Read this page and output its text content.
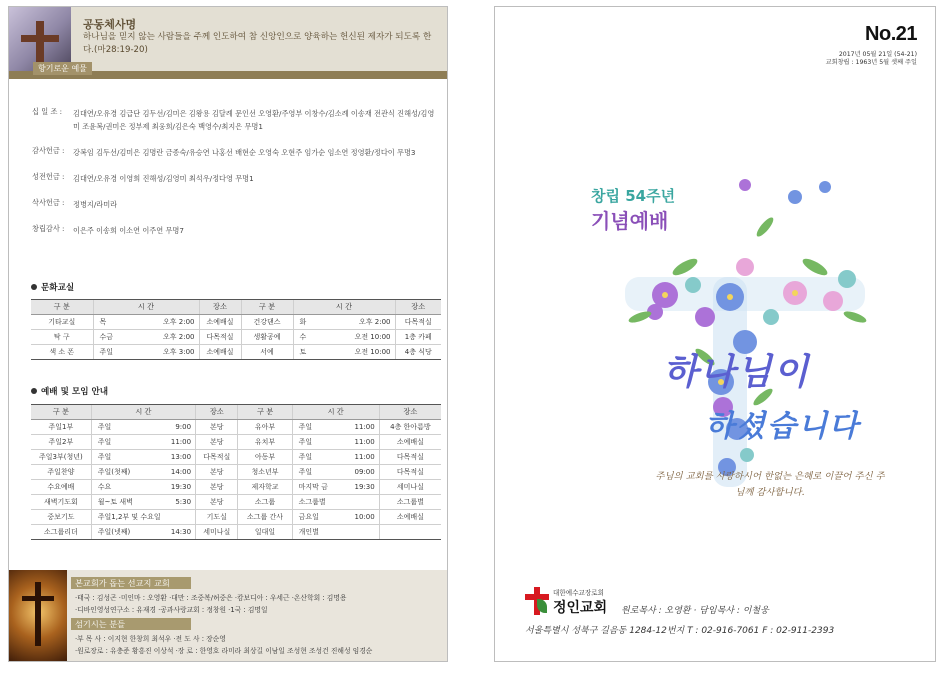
공동체사명
하나님을 믿지 않는 사람들을 주께 인도하여 참 신앙인으로 양육하는 헌신된 제자가 되도록 한다.(마28:19-20)
향기로운 예물
십 일 조 :	김대연/오유경 김급단 김두선/김미은 김왕용 김달례 문인선 오영환/주영부 이창수/김소례 이송재 전관식 진해성/김영미 조윤복/권미은 정부제 최웅희/김은숙 백영수/최지은 무명1
감사헌금 :	강복임 김두선/김미은 김명란 금종숙/유승연 나홍선 배현순 오영숙 오현주 임가순 임소연 정영환/정다이 무명3
성전헌금 :	김대연/오유경 이영희 진해성/김영미 최석우/정다영 무명1
삭사헌금 :	정병지/라미라
창립감사 :	이은주 이송희 이소연 이주연 무명7
문화교실
구 분	시 간		장소	구 분	시 간		장소
기타교실	목	오후 2:00	소예배실	건강댄스	화	오후 2:00	다목적실
탁 구	수금	오후 2:00	다목적실	생활공예	수	오전 10:00	1층 카페
색 소 폰	주일	오후 3:00	소예배실	서예	토	오전 10:00	4층 식당
예배 및 모임 안내
구 분	시 간		장소	구 분	시 간		장소
주일1부	주일	9:00	본당	유아부	주일	11:00	4층 한아름방
주일2부	주일	11:00	본당	유치부	주일	11:00	소예배실
주일3부(청년)	주일	13:00	다목적실	아동부	주일	11:00	다목적실
주일찬양	주일(첫째)	14:00	본당	청소년부	주일	09:00	다목적실
수요예배	수요	19:30	본당	제자학교	마지막 금	19:30	세미나실
새벽기도회	월~토 새벽	5:30	본당	소그룹	소그룹별		소그룹별
중보기도	주일1,2부 및 수요일		기도실	소그룹 간사	금요일	10:00	소예배실
소그룹리더	주일(넷째)	14:30	세미나실	일대일	개인별		
본교회가 돕는 선교지 교회
·태국 : 김성곤 ·미인마 : 오영환 ·대만 : 조중복/허중은 ·캄보디아 : 우세근 ·온산학회 : 김명용
·디바인영성연구소 : 유재경 ·공과사랑교회 : 정창원 ·1국 : 김명일
섬기시는 분들
·부 목 사 : 이지현 한창희 최석우 ·전 도 사 : 장순영
·원로장로 : 유충준 황흥진 이상석 ·장 로 : 한영호 라미라 최상길 이남일 조성현 조성건 진해성 임경순
No.21
2017년 05월 21일 (54-21)
교회창립 : 1963년 5월 셋째 주일
창립 54주년
기념예배
하나님이
하셨습니다
주님의 교회를 사랑하시어 한없는 은혜로 이끌어 주신 주님께 감사합니다.
대한예수교장로회
정인교회 원로목사 : 오영환 · 담임목사 : 이철웅
서울특별시 성북구 길음동 1284-12번지 T : 02-916-7061 F : 02-911-2393
